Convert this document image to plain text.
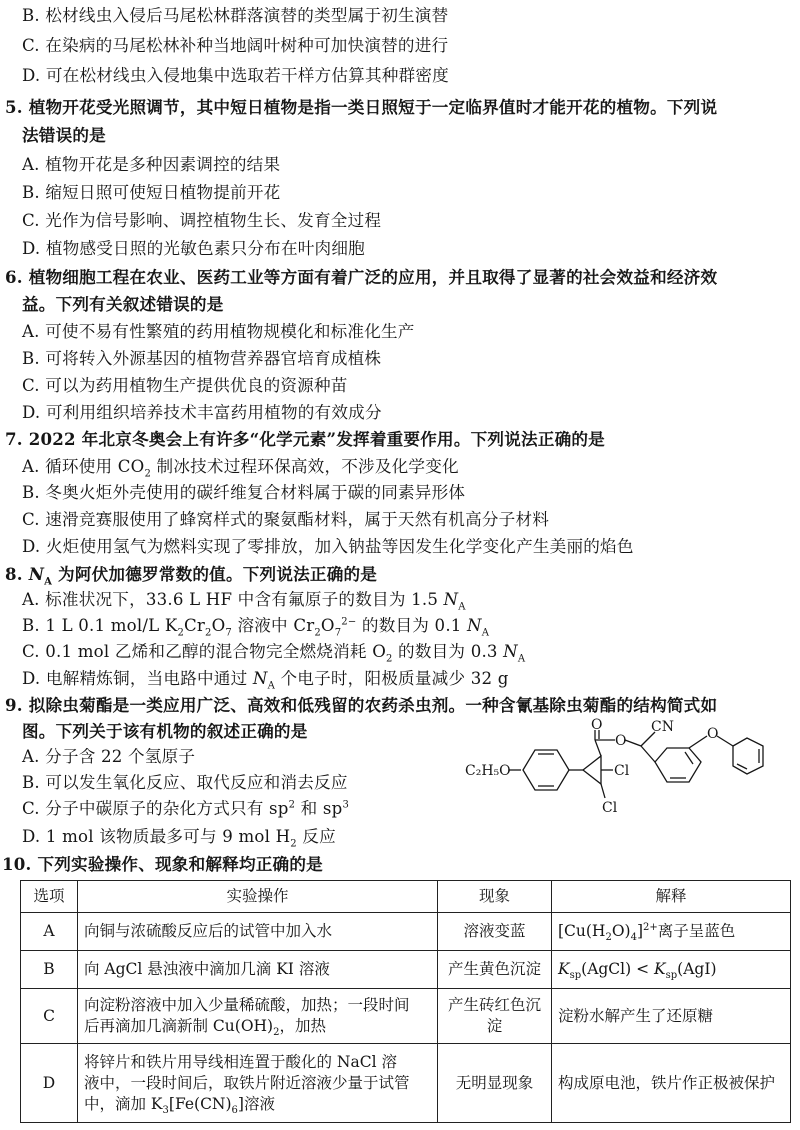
B. 松材线虫入侵后马尾松林群落演替的类型属于初生演替
C. 在染病的马尾松林补种当地阔叶树种可加快演替的进行
D. 可在松材线虫入侵地集中选取若干样方估算其种群密度
5. 植物开花受光照调节，其中短日植物是指一类日照短于一定临界值时才能开花的植物。下列说
法错误的是
A. 植物开花是多种因素调控的结果
B. 缩短日照可使短日植物提前开花
C. 光作为信号影响、调控植物生长、发育全过程
D. 植物感受日照的光敏色素只分布在叶肉细胞
6. 植物细胞工程在农业、医药工业等方面有着广泛的应用，并且取得了显著的社会效益和经济效
益。下列有关叙述错误的是
A. 可使不易有性繁殖的药用植物规模化和标准化生产
B. 可将转入外源基因的植物营养器官培育成植株
C. 可以为药用植物生产提供优良的资源种苗
D. 可利用组织培养技术丰富药用植物的有效成分
7. 2022 年北京冬奥会上有许多“化学元素”发挥着重要作用。下列说法正确的是
A. 循环使用 $CO_2$ 制冰技术过程环保高效，不涉及化学变化
B. 冬奥火炬外壳使用的碳纤维复合材料属于碳的同素异形体
C. 速滑竞赛服使用了蜂窝样式的聚氨酯材料，属于天然有机高分子材料
D. 火炬使用氢气为燃料实现了零排放，加入钠盐等因发生化学变化产生美丽的焰色
8. $N_A$ 为阿伏加德罗常数的值。下列说法正确的是
A. 标准状况下，33.6 L HF 中含有氟原子的数目为 1.5 $N_A$
B. 1 L 0.1 mol/L $K_2Cr_2O_7$ 溶液中 $Cr_2O_7^{2-}$ 的数目为 0.1 $N_A$
C. 0.1 mol 乙烯和乙醇的混合物完全燃烧消耗 $O_2$ 的数目为 0.3 $N_A$
D. 电解精炼铜，当电路中通过 $N_A$ 个电子时，阳极质量减少 32 g
9. 拟除虫菊酯是一类应用广泛、高效和低残留的农药杀虫剂。一种含氰基除虫菊酯的结构简式如
图。下列关于该有机物的叙述正确的是
A. 分子含 22 个氢原子
B. 可以发生氧化反应、取代反应和消去反应
C. 分子中碳原子的杂化方式只有 $sp^2$ 和 $sp^3$
D. 1 mol 该物质最多可与 9 mol $H_2$ 反应
C₂H₅O
O
O
CN O
Cl
Cl
10. 下列实验操作、现象和解释均正确的是
选项	实验操作	现象	解释
A	向铜与浓硫酸反应后的试管中加入水	溶液变蓝	$[Cu(H_2O)_4]^{2+}$离子呈蓝色
B	向 AgCl 悬浊液中滴加几滴 KI 溶液	产生黄色沉淀	$K_{sp}(AgCl) < K_{sp}(AgI)$
C	向淀粉溶液中加入少量稀硫酸，加热；一段时间
后再滴加几滴新制 $Cu(OH)_2$，加热	产生砖红色沉淀	淀粉水解产生了还原糖
D	将锌片和铁片用导线相连置于酸化的 NaCl 溶
液中，一段时间后，取铁片附近溶液少量于试管
中，滴加 $K_3[Fe(CN)_6]$溶液	无明显现象	构成原电池，铁片作正极被保护
